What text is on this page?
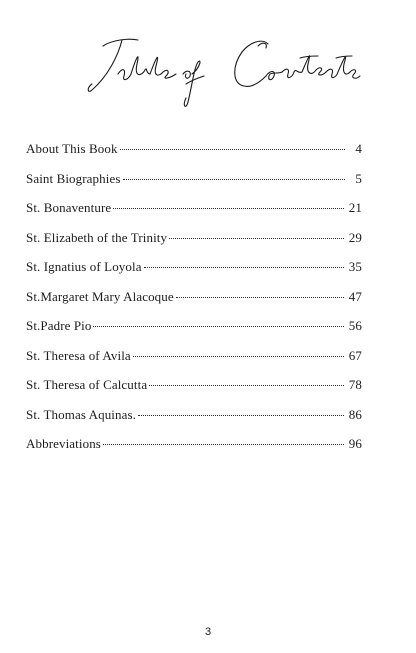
About This Book	4
Saint Biographies	5
St. Bonaventure	21
St. Elizabeth of the Trinity	29
St. Ignatius of Loyola	35
St.Margaret Mary Alacoque	47
St.Padre Pio	56
St. Theresa of Avila	67
St. Theresa of Calcutta	78
St. Thomas Aquinas.	86
Abbreviations	96
3
